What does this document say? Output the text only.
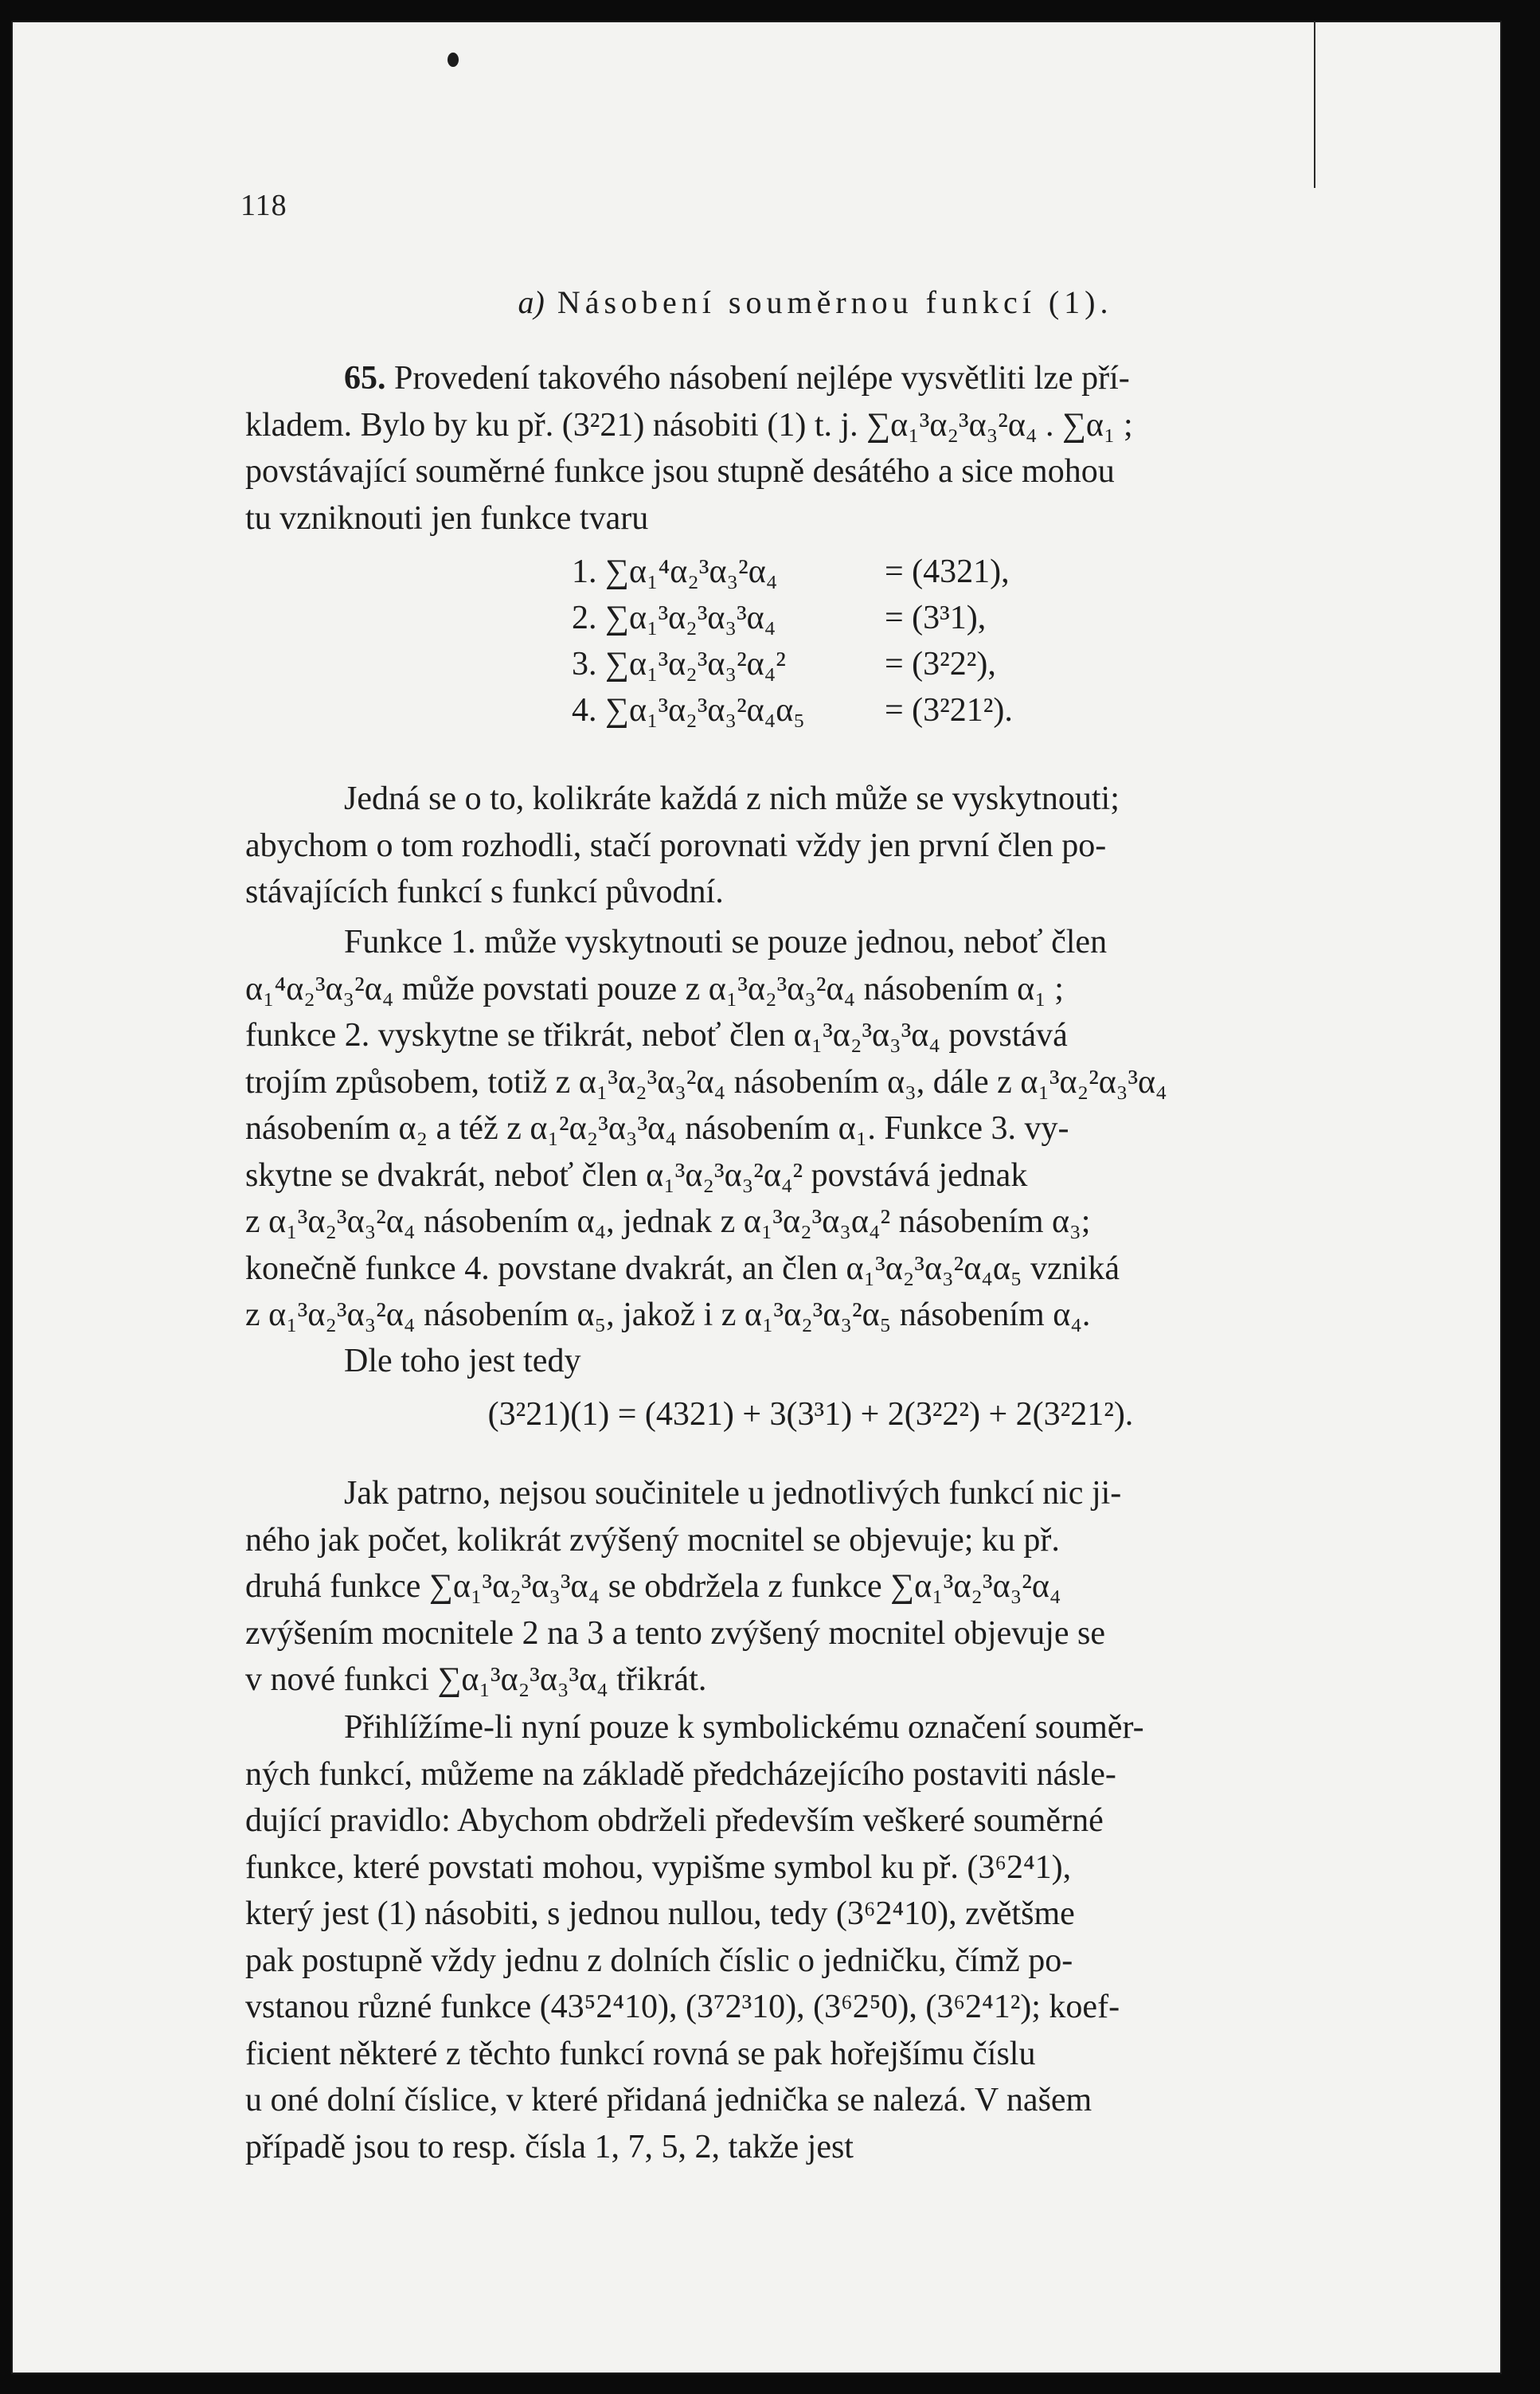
118
a) Násobení souměrnou funkcí (1).
65. Provedení takového násobení nejlépe vysvětliti lze pří-
kladem. Bylo by ku př. (3²21) násobiti (1) t. j. ∑α₁³α₂³α₃²α₄ . ∑α₁ ;
povstávající souměrné funkce jsou stupně desátého a sice mohou
tu vzniknouti jen funkce tvaru
1. ∑α₁⁴α₂³α₃²α₄	= (4321),
2. ∑α₁³α₂³α₃³α₄	= (3³1),
3. ∑α₁³α₂³α₃²α₄²	= (3²2²),
4. ∑α₁³α₂³α₃²α₄α₅ = (3²21²).
Jedná se o to, kolikráte každá z nich může se vyskytnouti;
abychom o tom rozhodli, stačí porovnati vždy jen první člen po-
stávajících funkcí s funkcí původní.
Funkce 1. může vyskytnouti se pouze jednou, neboť člen
α₁⁴α₂³α₃²α₄ může povstati pouze z α₁³α₂³α₃²α₄ násobením α₁ ;
funkce 2. vyskytne se třikrát, neboť člen α₁³α₂³α₃³α₄ povstává
trojím způsobem, totiž z α₁³α₂³α₃²α₄ násobením α₃, dále z α₁³α₂²α₃³α₄
násobením α₂ a též z α₁²α₂³α₃³α₄ násobením α₁. Funkce 3. vy-
skytne se dvakrát, neboť člen α₁³α₂³α₃²α₄² povstává jednak
z α₁³α₂³α₃²α₄ násobením α₄, jednak z α₁³α₂³α₃α₄² násobením α₃;
konečně funkce 4. povstane dvakrát, an člen α₁³α₂³α₃²α₄α₅ vzniká
z α₁³α₂³α₃²α₄ násobením α₅, jakož i z α₁³α₂³α₃²α₅ násobením α₄.
Dle toho jest tedy
(3²21)(1) = (4321) + 3(3³1) + 2(3²2²) + 2(3²21²).
Jak patrno, nejsou součinitele u jednotlivých funkcí nic ji-
ného jak počet, kolikrát zvýšený mocnitel se objevuje; ku př.
druhá funkce ∑α₁³α₂³α₃³α₄ se obdržela z funkce ∑α₁³α₂³α₃²α₄
zvýšením mocnitele 2 na 3 a tento zvýšený mocnitel objevuje se
v nové funkci ∑α₁³α₂³α₃³α₄ třikrát.
Přihlížíme-li nyní pouze k symbolickému označení souměr-
ných funkcí, můžeme na základě předcházejícího postaviti násle-
dující pravidlo: Abychom obdrželi především veškeré souměrné
funkce, které povstati mohou, vypišme symbol ku př. (3⁶2⁴1),
který jest (1) násobiti, s jednou nullou, tedy (3⁶2⁴10), zvětšme
pak postupně vždy jednu z dolních číslic o jedničku, čímž po-
vstanou různé funkce (43⁵2⁴10), (3⁷2³10), (3⁶2⁵0), (3⁶2⁴1²); koef-
ficient některé z těchto funkcí rovná se pak hořejšímu číslu
u oné dolní číslice, v které přidaná jednička se nalezá. V našem
případě jsou to resp. čísla 1, 7, 5, 2, takže jest
